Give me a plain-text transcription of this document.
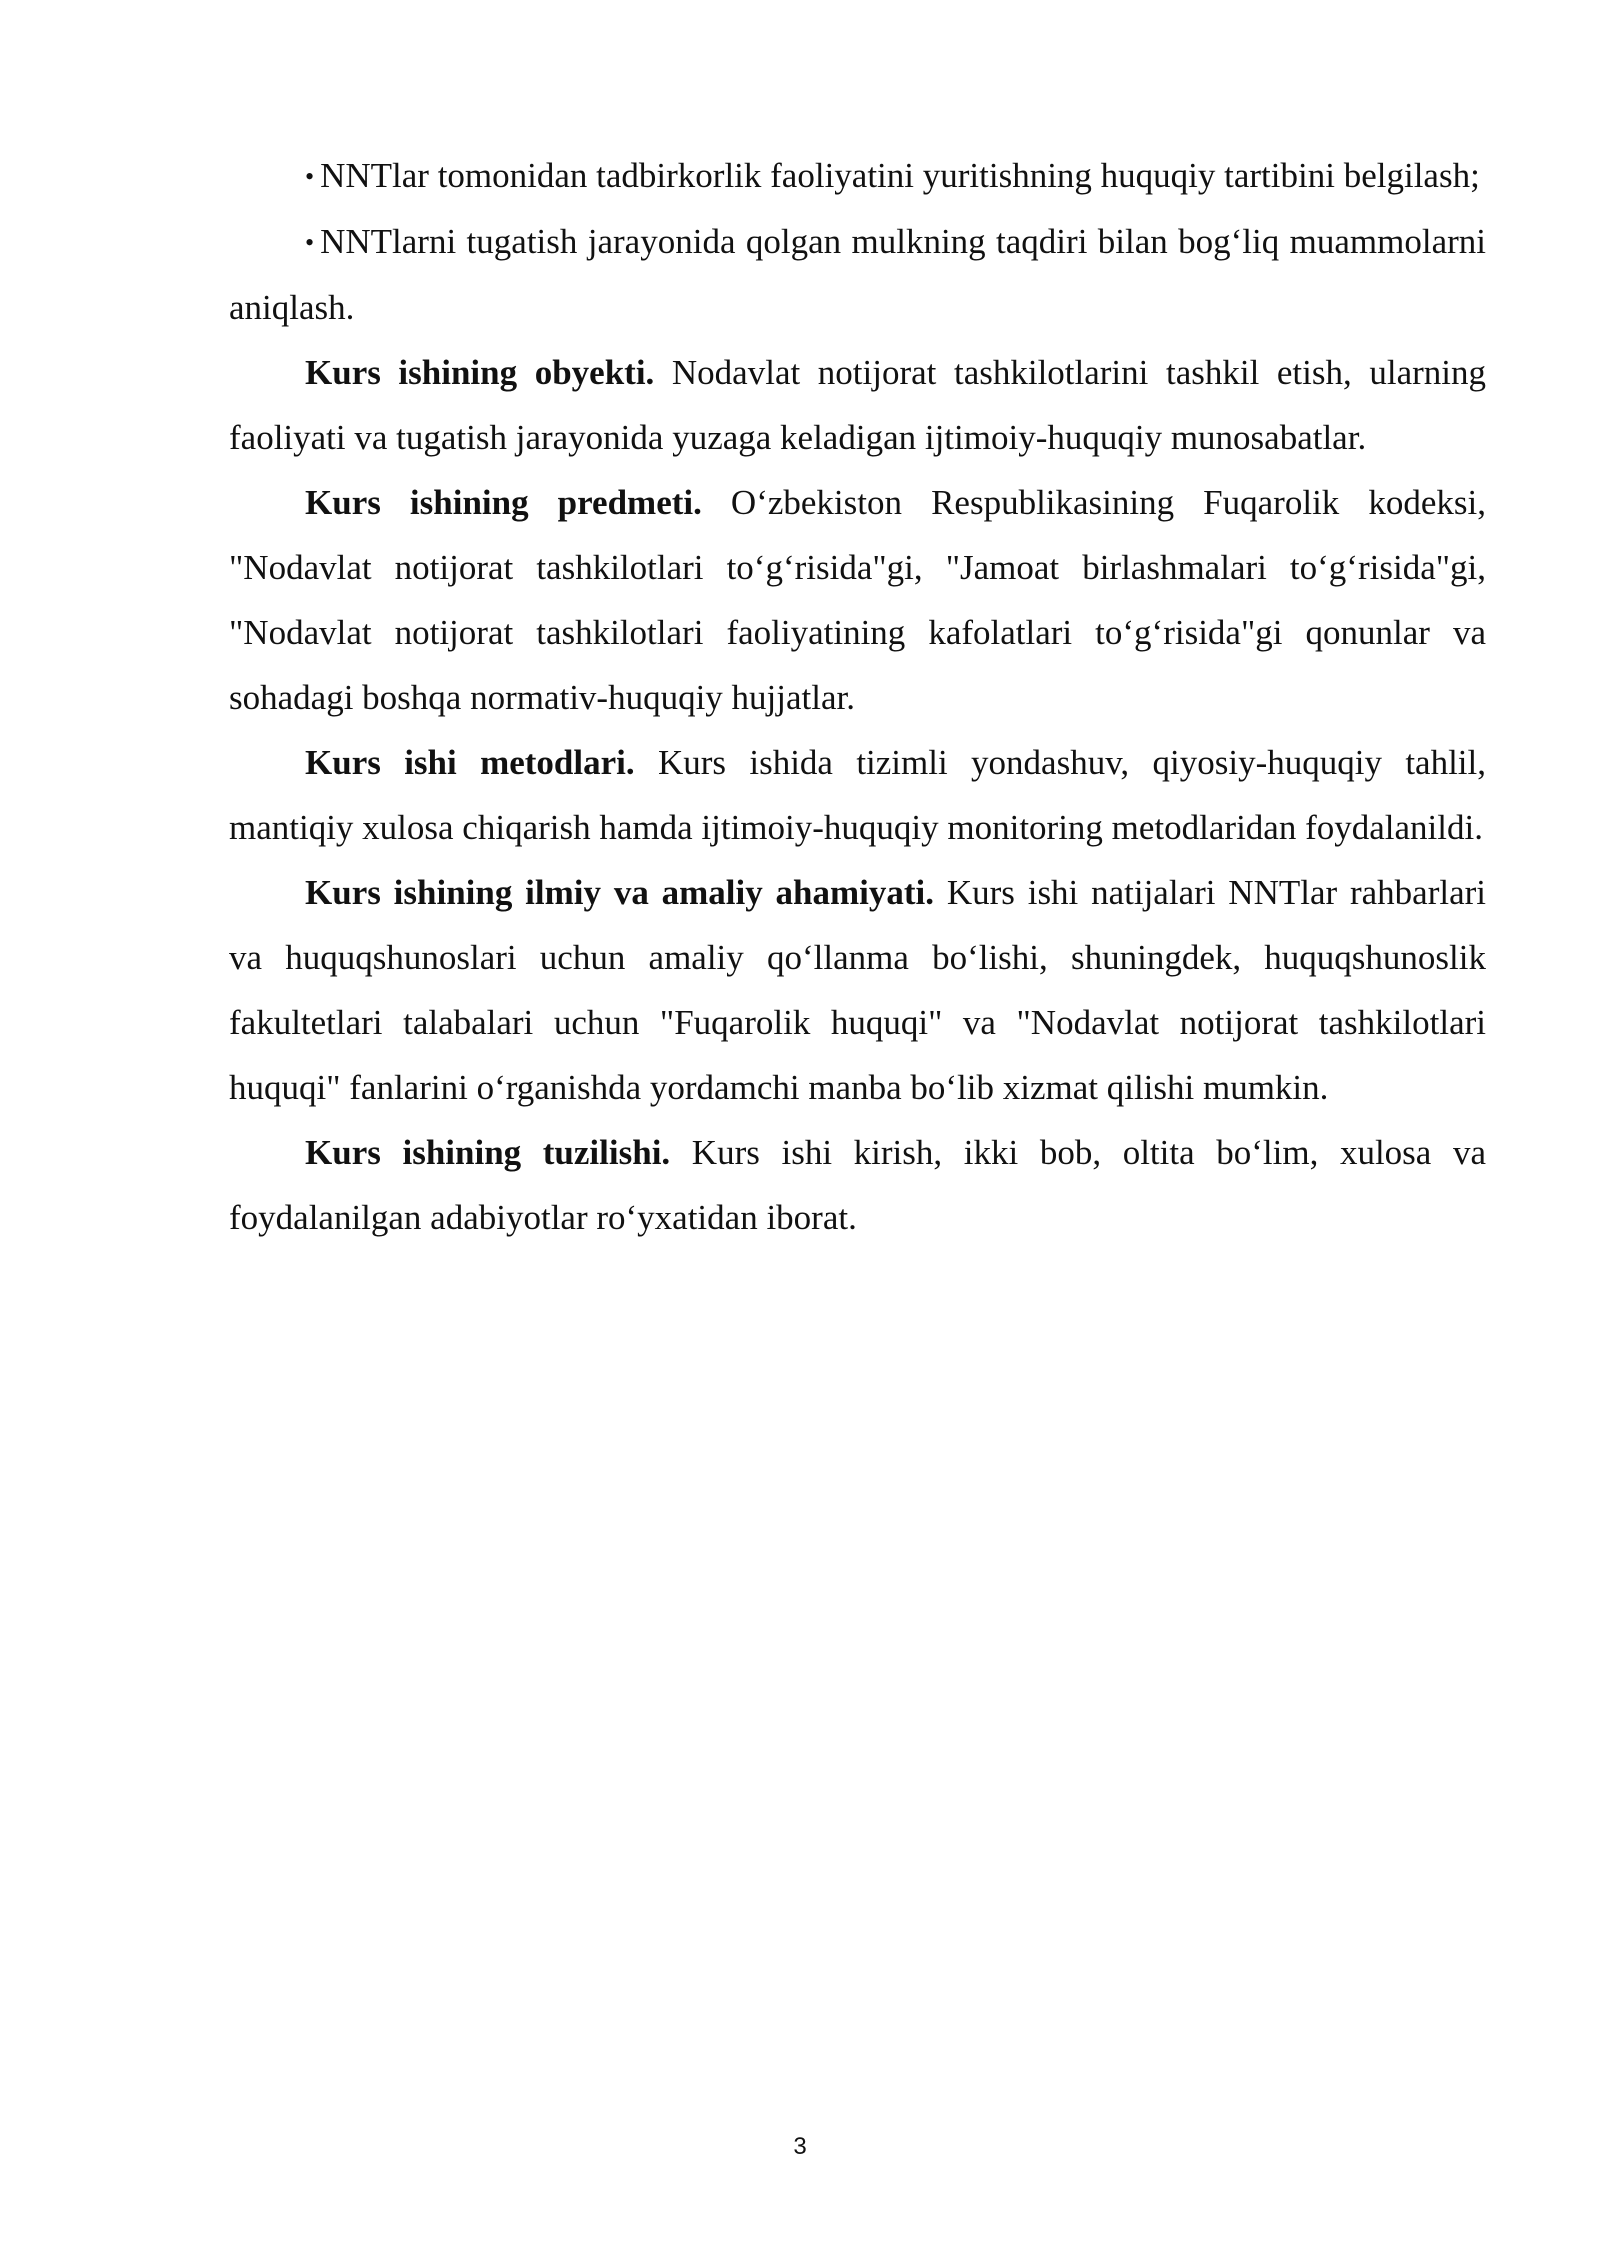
• NNTlar tomonidan tadbirkorlik faoliyatini yuritishning huquqiy tartibini belgilash;

• NNTlarni tugatish jarayonida qolgan mulkning taqdiri bilan bog‘liq muammolarni aniqlash.

Kurs ishining obyekti. Nodavlat notijorat tashkilotlarini tashkil etish, ularning faoliyati va tugatish jarayonida yuzaga keladigan ijtimoiy-huquqiy munosabatlar.

Kurs ishining predmeti. O‘zbekiston Respublikasining Fuqarolik kodeksi, "Nodavlat notijorat tashkilotlari to‘g‘risida"gi, "Jamoat birlashmalari to‘g‘risida"gi, "Nodavlat notijorat tashkilotlari faoliyatining kafolatlari to‘g‘risida"gi qonunlar va sohadagi boshqa normativ-huquqiy hujjatlar.

Kurs ishi metodlari. Kurs ishida tizimli yondashuv, qiyosiy-huquqiy tahlil, mantiqiy xulosa chiqarish hamda ijtimoiy-huquqiy monitoring metodlaridan foydalanildi.

Kurs ishining ilmiy va amaliy ahamiyati. Kurs ishi natijalari NNTlar rahbarlari va huquqshunoslari uchun amaliy qo‘llanma bo‘lishi, shuningdek, huquqshunoslik fakultetlari talabalari uchun "Fuqarolik huquqi" va "Nodavlat notijorat tashkilotlari huquqi" fanlarini o‘rganishda yordamchi manba bo‘lib xizmat qilishi mumkin.

Kurs ishining tuzilishi. Kurs ishi kirish, ikki bob, oltita bo‘lim, xulosa va foydalanilgan adabiyotlar ro‘yxatidan iborat.

3
